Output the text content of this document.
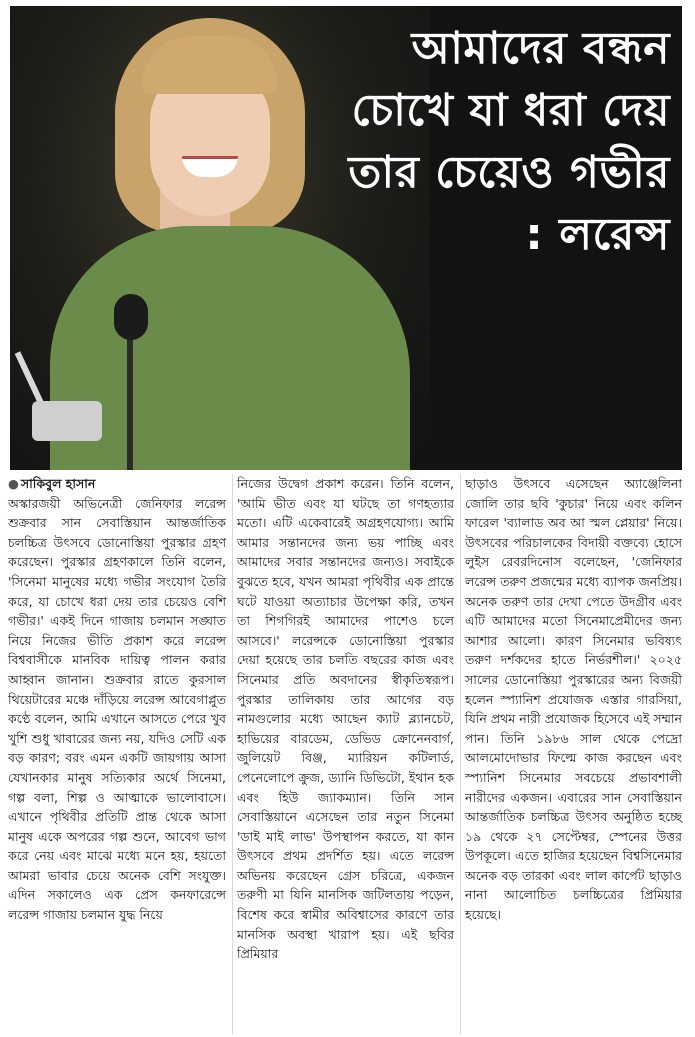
আমাদের বন্ধন চোখে যা ধরা দেয় তার চেয়েও গভীর : লরেন্স
● সাকিবুল হাসান

অস্কারজয়ী অভিনেত্রী জেনিফার লরেন্স শুক্রবার সান সেবাস্তিয়ান আন্তর্জাতিক চলচ্চিত্র উৎসবে ডোনোস্তিয়া পুরস্কার গ্রহণ করেছেন। পুরস্কার গ্রহণকালে তিনি বলেন, 'সিনেমা মানুষের মধ্যে গভীর সংযোগ তৈরি করে, যা চোখে ধরা দেয় তার চেয়েও বেশি গভীর।' একই দিনে গাজায় চলমান সঙ্ঘাত নিয়ে নিজের ভীতি প্রকাশ করে লরেন্স বিশ্ববাসীকে মানবিক দায়িত্ব পালন করার আহ্বান জানান। শুক্রবার রাতে কুরসাল থিয়েটারের মঞ্চে দাঁড়িয়ে লরেন্স আবেগাপ্লুত কণ্ঠে বলেন, আমি এখানে আসতে পেরে খুব খুশি শুধু খাবারের জন্য নয়, যদিও সেটি এক বড় কারণ; বরং এমন একটি জায়গায় আসা যেখানকার মানুষ সত্যিকার অর্থে সিনেমা, গল্প বলা, শিল্প ও আত্মাকে ভালোবাসে। এখানে পৃথিবীর প্রতিটি প্রান্ত থেকে আসা মানুষ একে অপরের গল্প শুনে, আবেগ ভাগ করে নেয় এবং মাঝে মধ্যে মনে হয়, হয়তো আমরা ভাবার চেয়ে অনেক বেশি সংযুক্ত। এদিন সকালেও এক প্রেস কনফারেন্সে লরেন্স গাজায় চলমান যুদ্ধ নিয়ে

নিজের উদ্বেগ প্রকাশ করেন। তিনি বলেন, 'আমি ভীত এবং যা ঘটছে তা গণহত্যার মতো। এটি একেবারেই অগ্রহণযোগ্য। আমি আমার সন্তানদের জন্য ভয় পাচ্ছি এবং আমাদের সবার সন্তানদের জন্যও। সবাইকে বুঝতে হবে, যখন আমরা পৃথিবীর এক প্রান্তে ঘটে যাওয়া অত্যাচার উপেক্ষা করি, তখন তা শিগগিরই আমাদের পাশেও চলে আসবে।' লরেন্সকে ডোনোস্তিয়া পুরস্কার দেয়া হয়েছে তার চলতি বছরের কাজ এবং সিনেমার প্রতি অবদানের স্বীকৃতিস্বরূপ। পুরস্কার তালিকায় তার আগের বড় নামগুলোর মধ্যে আছেন ক্যাট ব্ল্যানচেট, হাভিয়ের বারডেম, ডেভিড ক্রোনেনবার্গ, জুলিয়েট বিঞ্জ, ম্যারিয়ন কটিলার্ড, পেনেলোপে ক্রুজ, ড্যানি ডিভিটো, ইথান হক এবং হিউ জ্যাকম্যান। তিনি সান সেবাস্তিয়ানে এসেছেন তার নতুন সিনেমা 'ডাই মাই লাভ' উপস্থাপন করতে, যা কান উৎসবে প্রথম প্রদর্শিত হয়। এতে লরেন্স অভিনয় করেছেন গ্রেস চরিত্রে, একজন তরুণী মা যিনি মানসিক জটিলতায় পড়েন, বিশেষ করে স্বামীর অবিশ্বাসের কারণে তার মানসিক অবস্থা খারাপ হয়। এই ছবির প্রিমিয়ার

ছাড়াও উৎসবে এসেছেন অ্যাঞ্জেলিনা জোলি তার ছবি 'কুচার' নিয়ে এবং কলিন ফারেল 'ব্যালাড অব আ স্মল প্লেয়ার' নিয়ে। উৎসবের পরিচালকের বিদায়ী বক্তব্যে হোসে লুইস রেবরদিনোস বলেছেন, 'জেনিফার লরেন্স তরুণ প্রজন্মের মধ্যে ব্যাপক জনপ্রিয়। অনেক তরুণ তার দেখা পেতে উদগ্রীব এবং এটি আমাদের মতো সিনেমাপ্রেমীদের জন্য আশার আলো। কারণ সিনেমার ভবিষ্যৎ তরুণ দর্শকদের হাতে নির্ভরশীল।' ২০২৫ সালের ডোনোস্তিয়া পুরস্কারের অন্য বিজয়ী হলেন স্প্যানিশ প্রযোজক এস্তার গারসিয়া, যিনি প্রথম নারী প্রযোজক হিসেবে এই সম্মান পান। তিনি ১৯৮৬ সাল থেকে পেদ্রো আলমোদোভার ফিল্মে কাজ করছেন এবং স্প্যানিশ সিনেমার সবচেয়ে প্রভাবশালী নারীদের একজন। এবারের সান সেবাস্তিয়ান আন্তর্জাতিক চলচ্চিত্র উৎসব অনুষ্ঠিত হচ্ছে ১৯ থেকে ২৭ সেপ্টেম্বর, স্পেনের উত্তর উপকূলে। এতে হাজির হয়েছেন বিশ্বসিনেমার অনেক বড় তারকা এবং লাল কার্পেট ছাড়াও নানা আলোচিত চলচ্চিত্রের প্রিমিয়ার হয়েছে।
